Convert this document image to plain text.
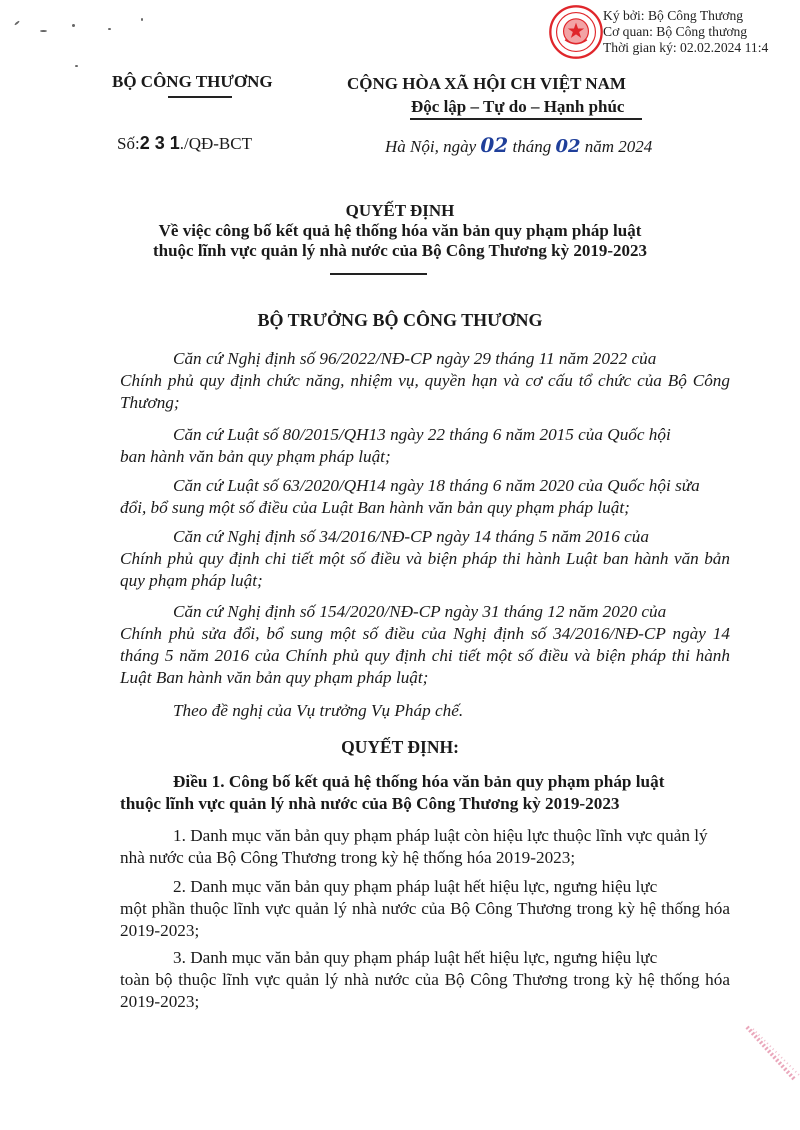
BỘ CÔNG THƯƠNG
Số:2 3 1./QĐ-BCT
CỘNG HÒA XÃ HỘI CH VIỆT NAM
Độc lập – Tự do – Hạnh phúc
Hà Nội, ngày 02 tháng 02 năm 2024
Ký bởi: Bộ Công Thương
Cơ quan: Bộ Công thương
Thời gian ký: 02.02.2024 11:4
QUYẾT ĐỊNH
Về việc công bố kết quả hệ thống hóa văn bản quy phạm pháp luật
thuộc lĩnh vực quản lý nhà nước của Bộ Công Thương kỳ 2019-2023
BỘ TRƯỞNG BỘ CÔNG THƯƠNG
Căn cứ Nghị định số 96/2022/NĐ-CP ngày 29 tháng 11 năm 2022 của
Chính phủ quy định chức năng, nhiệm vụ, quyền hạn và cơ cấu tổ chức của Bộ Công Thương;
Căn cứ Luật số 80/2015/QH13 ngày 22 tháng 6 năm 2015 của Quốc hội
ban hành văn bản quy phạm pháp luật;
Căn cứ Luật số 63/2020/QH14 ngày 18 tháng 6 năm 2020 của Quốc hội sửa
đổi, bổ sung một số điều của Luật Ban hành văn bản quy phạm pháp luật;
Căn cứ Nghị định số 34/2016/NĐ-CP ngày 14 tháng 5 năm 2016 của
Chính phủ quy định chi tiết một số điều và biện pháp thi hành Luật ban hành văn bản quy phạm pháp luật;
Căn cứ Nghị định số 154/2020/NĐ-CP ngày 31 tháng 12 năm 2020 của
Chính phủ sửa đổi, bổ sung một số điều của Nghị định số 34/2016/NĐ-CP ngày 14 tháng 5 năm 2016 của Chính phủ quy định chi tiết một số điều và biện pháp thi hành Luật Ban hành văn bản quy phạm pháp luật;
Theo đề nghị của Vụ trưởng Vụ Pháp chế.
QUYẾT ĐỊNH:
Điều 1. Công bố kết quả hệ thống hóa văn bản quy phạm pháp luật
thuộc lĩnh vực quản lý nhà nước của Bộ Công Thương kỳ 2019-2023
1. Danh mục văn bản quy phạm pháp luật còn hiệu lực thuộc lĩnh vực quản lý
nhà nước của Bộ Công Thương trong kỳ hệ thống hóa 2019-2023;
2. Danh mục văn bản quy phạm pháp luật hết hiệu lực, ngưng hiệu lực
một phần thuộc lĩnh vực quản lý nhà nước của Bộ Công Thương trong kỳ hệ thống hóa 2019-2023;
3. Danh mục văn bản quy phạm pháp luật hết hiệu lực, ngưng hiệu lực
toàn bộ thuộc lĩnh vực quản lý nhà nước của Bộ Công Thương trong kỳ hệ thống hóa 2019-2023;
